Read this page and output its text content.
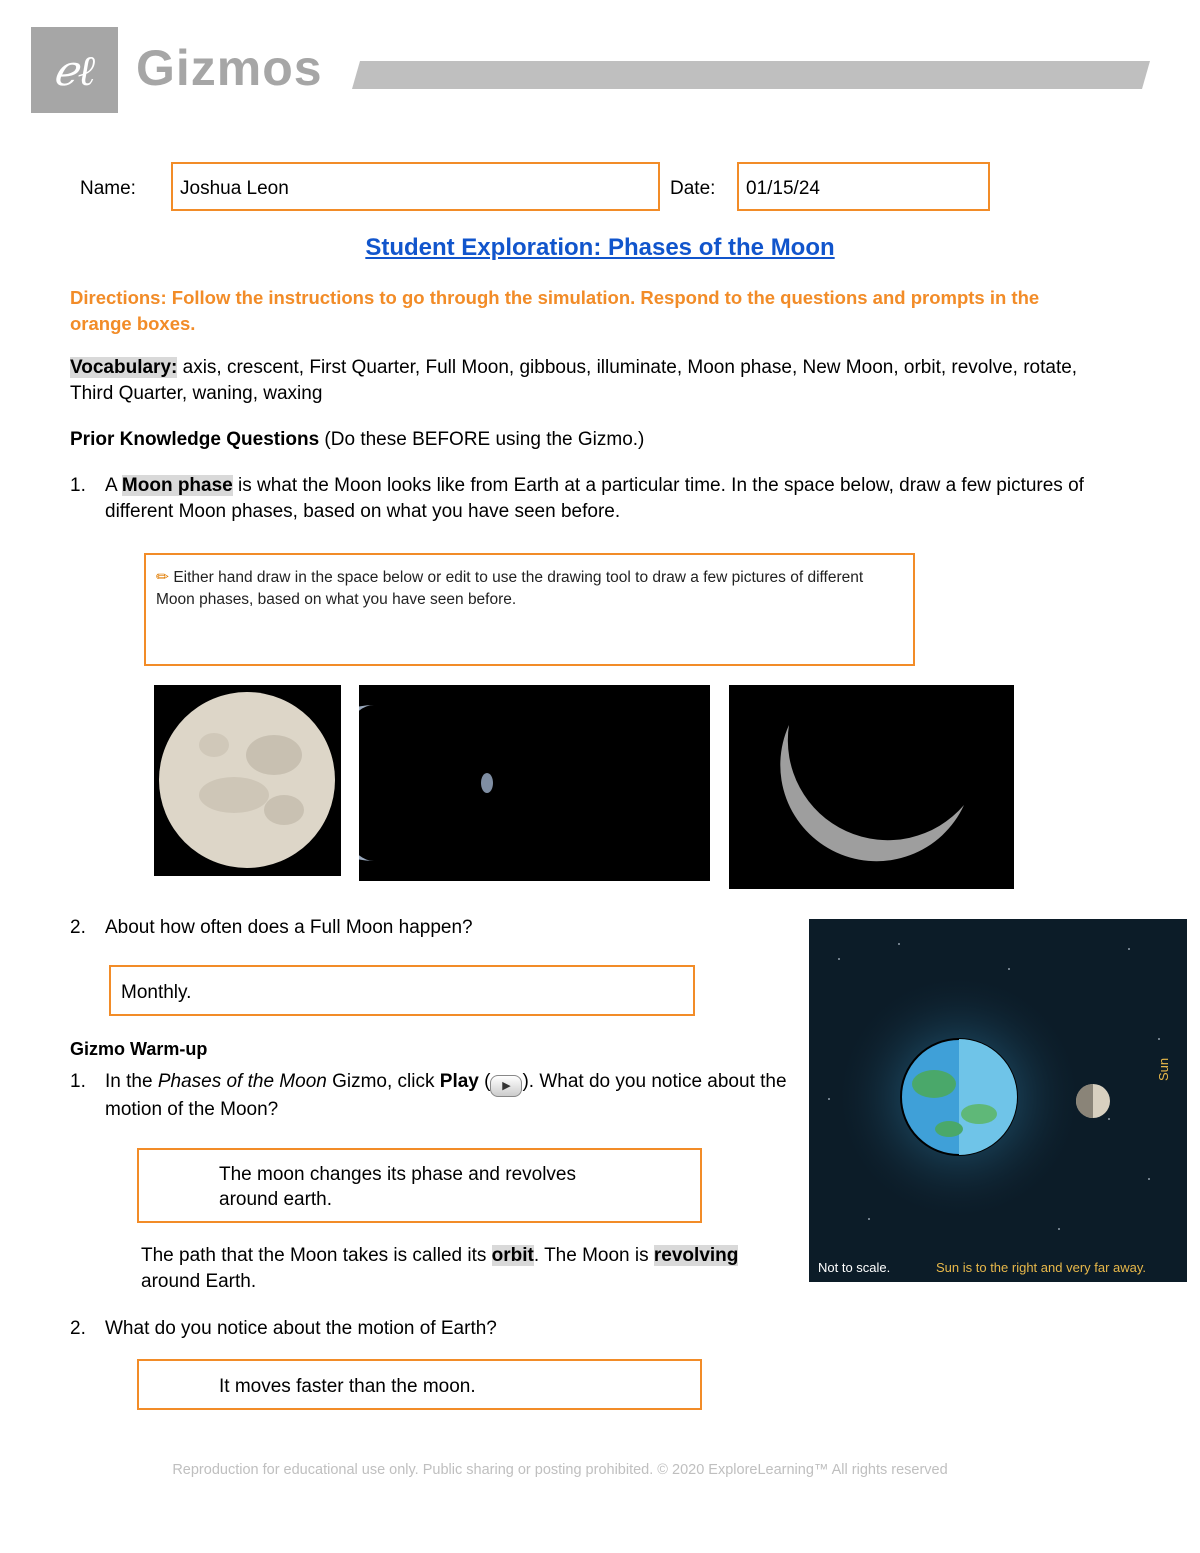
ℯℓ Gizmos
Name:	Joshua Leon	Date:	01/15/24
Student Exploration: Phases of the Moon
Directions: Follow the instructions to go through the simulation. Respond to the questions and prompts in the orange boxes.
Vocabulary: axis, crescent, First Quarter, Full Moon, gibbous, illuminate, Moon phase, New Moon, orbit, revolve, rotate, Third Quarter, waning, waxing
Prior Knowledge Questions (Do these BEFORE using the Gizmo.)
1. A Moon phase is what the Moon looks like from Earth at a particular time. In the space below, draw a few pictures of different Moon phases, based on what you have seen before.
✏ Either hand draw in the space below or edit to use the drawing tool to draw a few pictures of different Moon phases, based on what you have seen before.
2. About how often does a Full Moon happen?
Monthly.
Gizmo Warm-up
1. In the Phases of the Moon Gizmo, click Play ( ▶ ). What do you notice about the motion of the Moon?
The moon changes its phase and revolves around earth.
The path that the Moon takes is called its orbit. The Moon is revolving around Earth.
2. What do you notice about the motion of Earth?
It moves faster than the moon.
Sun
Not to scale.	Sun is to the right and very far away.
Reproduction for educational use only. Public sharing or posting prohibited. © 2020 ExploreLearning™ All rights reserved
